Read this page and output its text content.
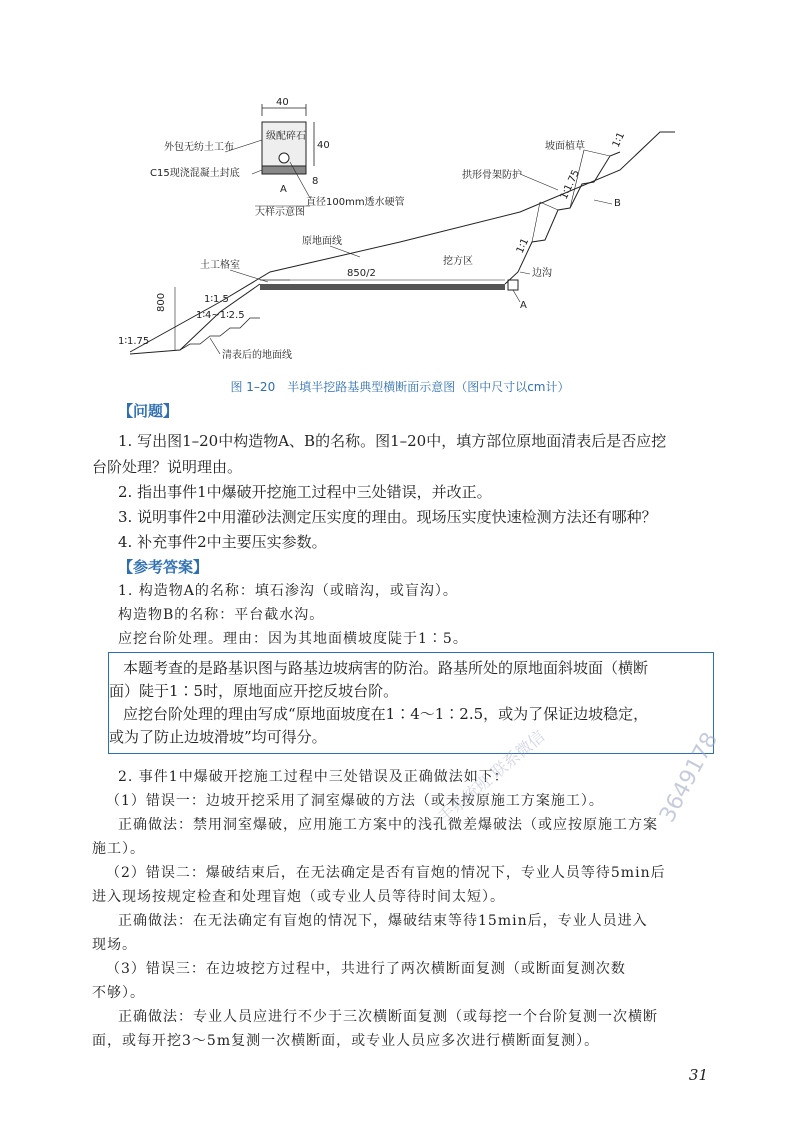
40
40
级配碎石
8
外包无纺土工布
C15现浇混凝土封底
A
直径100mm透水硬管
大样示意图
原地面线
850/2
挖方区
坡面植草
拱形骨架防护
B
1∶1
1∶1.75
1∶1
边沟
A
土工格室
800	1∶1.5
1∶4~1∶2.5
1∶1.75
清表后的地面线
图 1–20　半填半挖路基典型横断面示意图（图中尺寸以cm计）
【问题】
1. 写出图1–20中构造物A、B的名称。图1–20中，填方部位原地面清表后是否应挖
台阶处理？说明理由。
2. 指出事件1中爆破开挖施工过程中三处错误，并改正。
3. 说明事件2中用灌砂法测定压实度的理由。现场压实度快速检测方法还有哪种？
4. 补充事件2中主要压实参数。
【参考答案】
1. 构造物A的名称：填石渗沟（或暗沟，或盲沟）。
构造物B的名称：平台截水沟。
应挖台阶处理。理由：因为其地面横坡度陡于1∶5。

本题考查的是路基识图与路基边坡病害的防治。路基所处的原地面斜坡面（横断

面）陡于1∶5时，原地面应开挖反坡台阶。

应挖台阶处理的理由写成“原地面坡度在1∶4～1∶2.5，或为了保证边坡稳定，

或为了防止边坡滑坡”均可得分。

2. 事件1中爆破开挖施工过程中三处错误及正确做法如下：
（1）错误一：边坡开挖采用了洞室爆破的方法（或未按原施工方案施工）。
正确做法：禁用洞室爆破，应用施工方案中的浅孔微差爆破法（或应按原施工方案
施工）。
（2）错误二：爆破结束后，在无法确定是否有盲炮的情况下，专业人员等待5min后
进入现场按规定检查和处理盲炮（或专业人员等待时间太短）。
正确做法：在无法确定有盲炮的情况下，爆破结束等待15min后，专业人员进入
现场。
（3）错误三：在边坡挖方过程中，共进行了两次横断面复测（或断面复测次数
不够）。
正确做法：专业人员应进行不少于三次横断面复测（或每挖一个台阶复测一次横断
面，或每开挖3～5m复测一次横断面，或专业人员应多次进行横断面复测）。
一手系统班 联系微信	3649178
31
